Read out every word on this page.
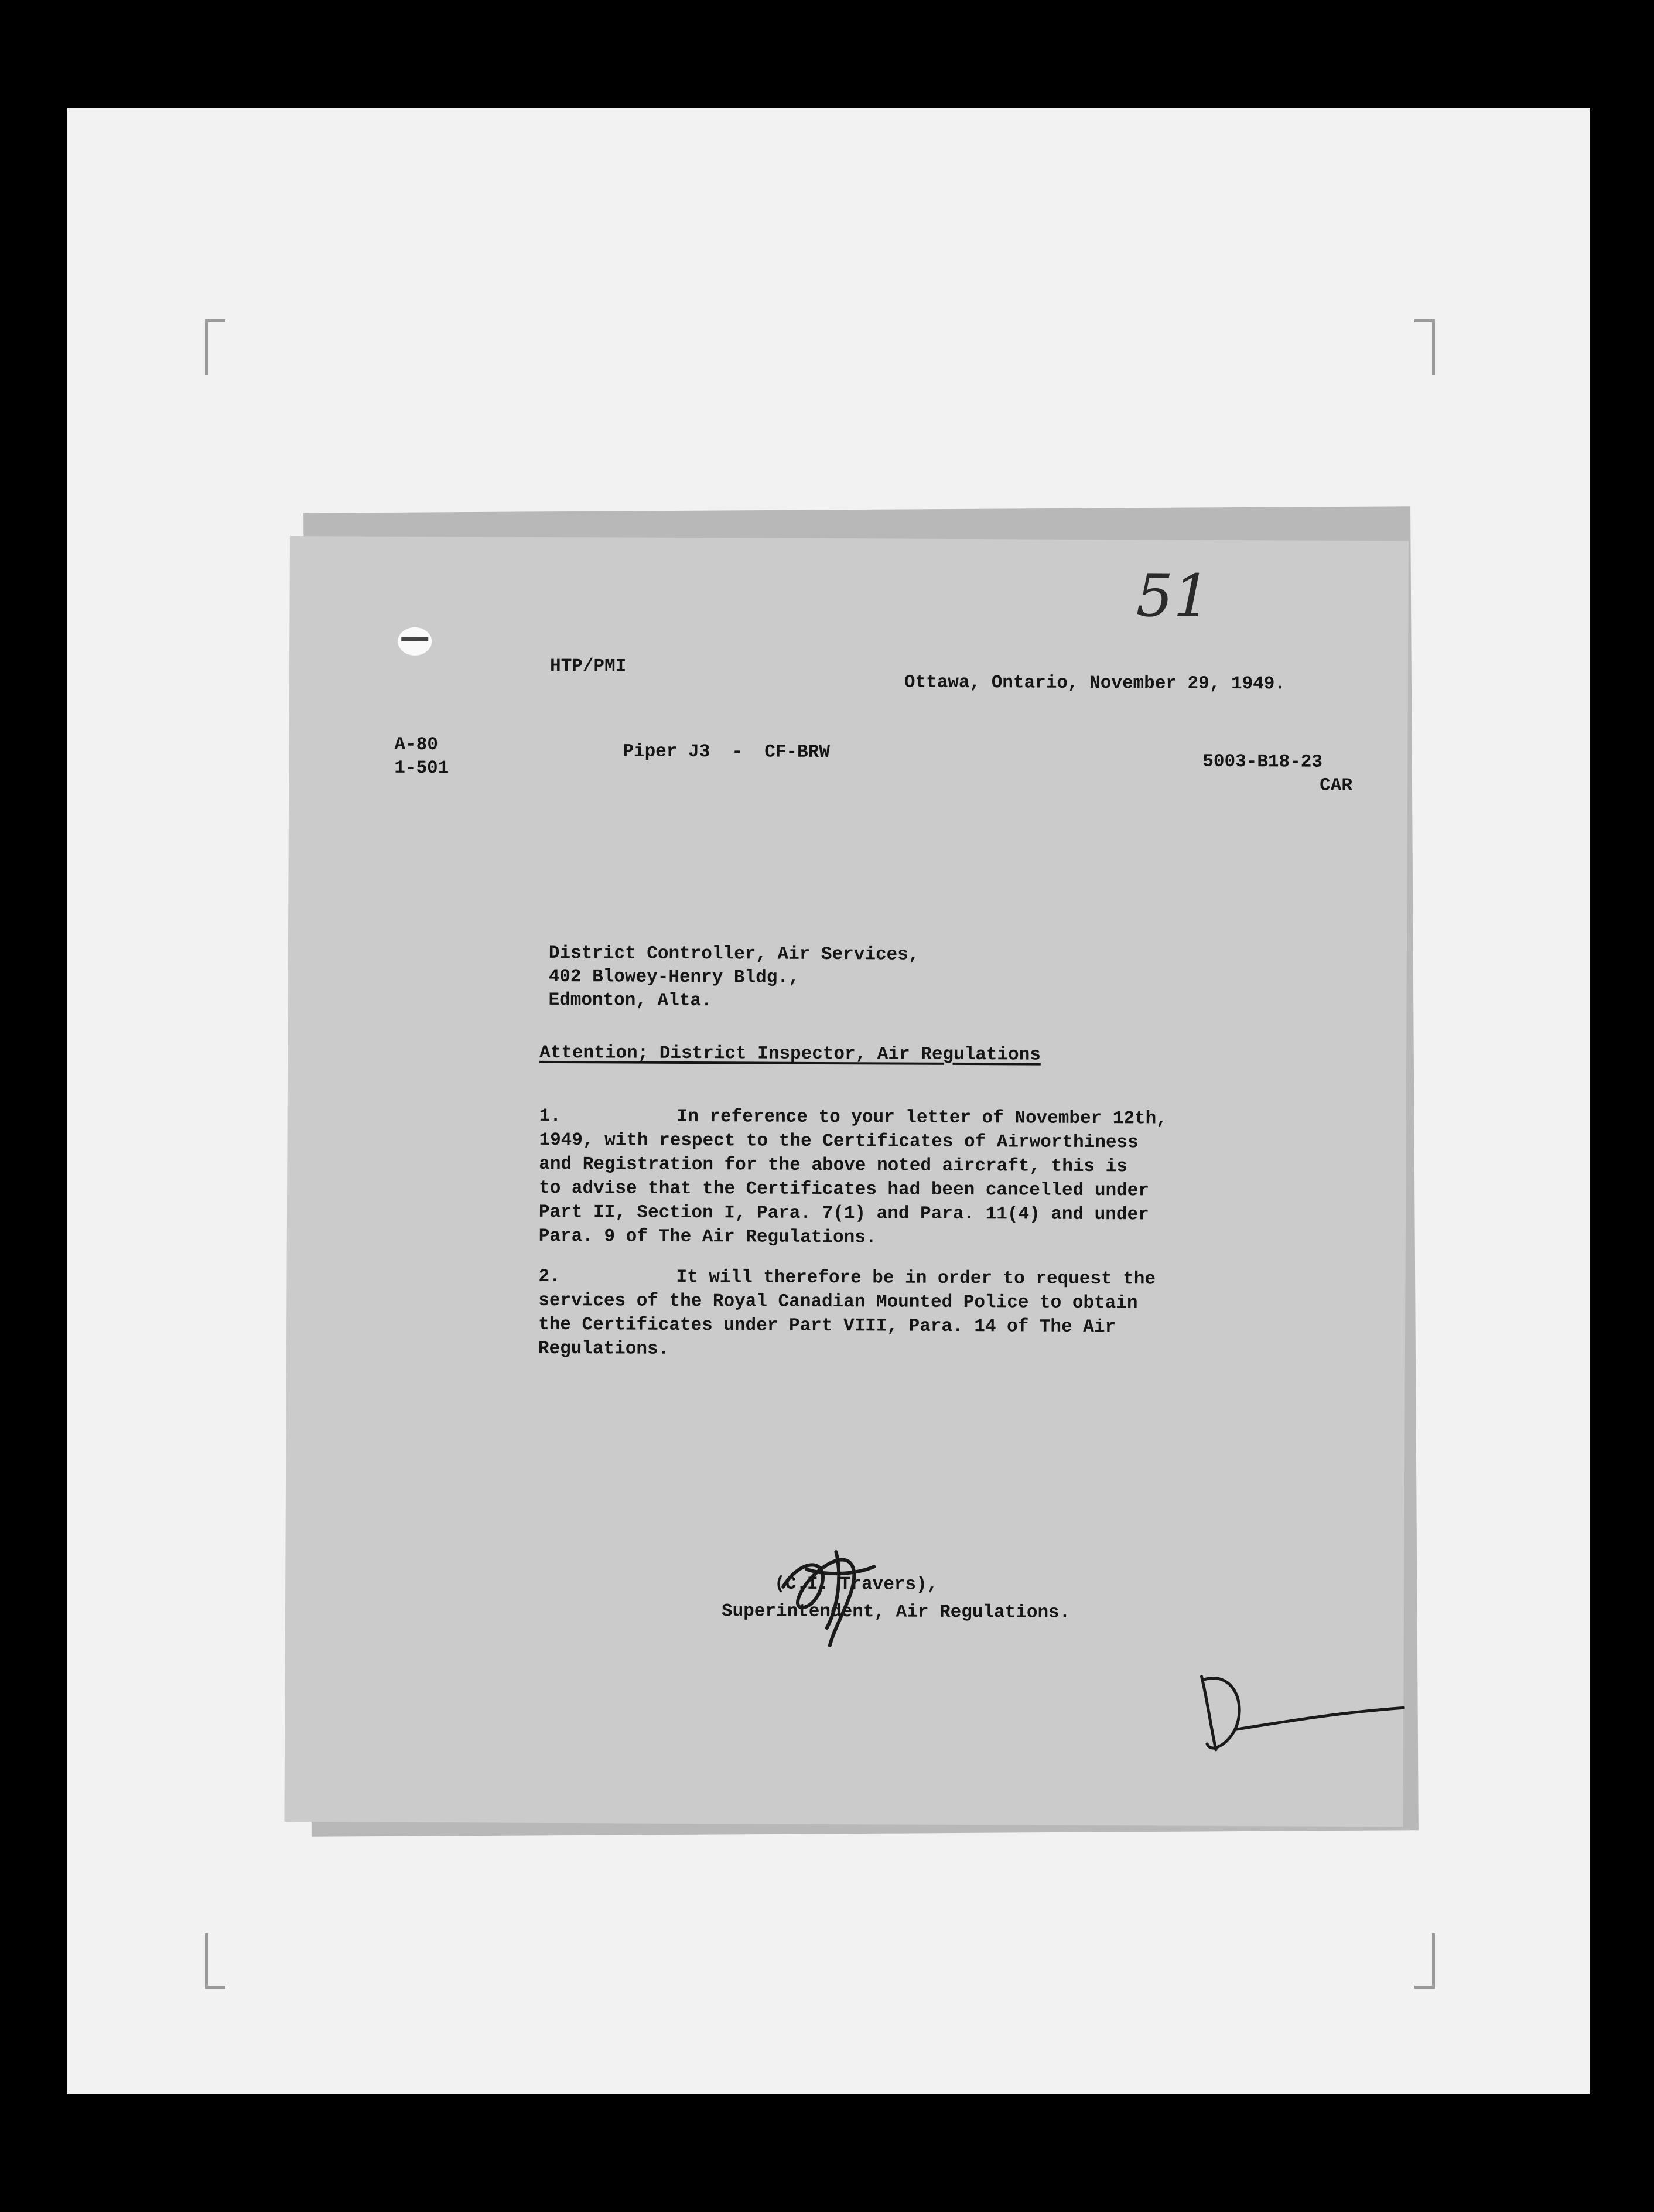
HTP/PMI
51
Ottawa, Ontario, November 29, 1949.
A-80
1-501
Piper J3  -  CF-BRW	5003-B18-23
CAR
District Controller, Air Services,
402 Blowey-Henry Bldg.,
Edmonton, Alta.
Attention; District Inspector, Air Regulations
1.	In reference to your letter of November 12th,
1949, with respect to the Certificates of Airworthiness
and Registration for the above noted aircraft, this is
to advise that the Certificates had been cancelled under
Part II, Section I, Para. 7(1) and Para. 11(4) and under
Para. 9 of The Air Regulations.
2.	It will therefore be in order to request the
services of the Royal Canadian Mounted Police to obtain
the Certificates under Part VIII, Para. 14 of The Air
Regulations.
(C.I. Travers),
Superintendent, Air Regulations.
